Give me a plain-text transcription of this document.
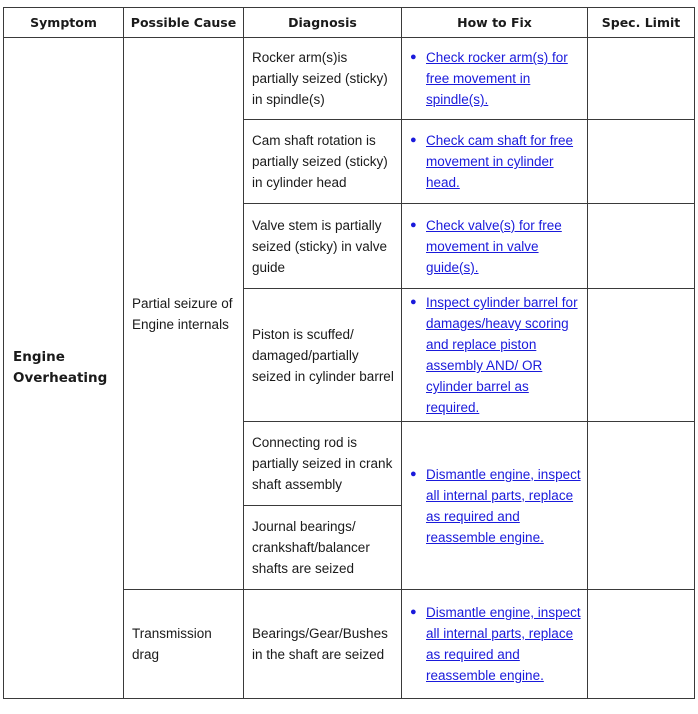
Symptom	Possible Cause	Diagnosis	How to Fix	Spec. Limit
Engine Overheating	Partial seizure of Engine internals	Rocker arm(s)is partially seized (sticky) in spindle(s)	● Check rocker arm(s) for free movement in spindle(s).	

		Cam shaft rotation is partially seized (sticky) in cylinder head	● Check cam shaft for free movement in cylinder head.	

		Valve stem is partially seized (sticky) in valve guide	● Check valve(s) for free movement in valve guide(s).	

		Piston is scuffed/ damaged/partially seized in cylinder barrel	● Inspect cylinder barrel for damages/heavy scoring and replace piston assembly AND/ OR cylinder barrel as required.	

		Connecting rod is partially seized in crank shaft assembly	● Dismantle engine, inspect all internal parts, replace as required and reassemble engine.	

		Journal bearings/ crankshaft/balancer shafts are seized		
	Transmission drag	Bearings/Gear/Bushes in the shaft are seized	● Dismantle engine, inspect all internal parts, replace as required and reassemble engine.	
